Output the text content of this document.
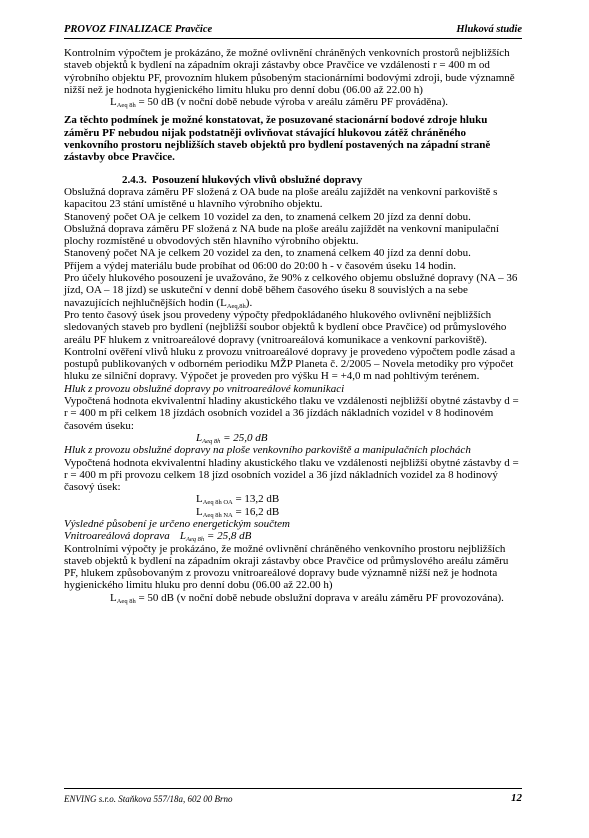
PROVOZ FINALIZACE Pravčice	Hluková studie

Kontrolním výpočtem je prokázáno, že možné ovlivnění chráněných venkovních prostorů nejbližších staveb objektů k bydlení na západním okraji zástavby obce Pravčice ve vzdálenosti r = 400 m od výrobního objektu PF, provozním hlukem působeným stacionárními bodovými zdroji, bude významně nižší než je hodnota hygienického limitu hluku pro denní dobu (06.00 až 22.00 h)

$L_{Aeq 8h} = 50$ dB (v noční době nebude výroba v areálu záměru PF prováděna).

Za těchto podmínek je možné konstatovat, že posuzované stacionární bodové zdroje hluku záměru PF nebudou nijak podstatněji ovlivňovat stávající hlukovou zátěž chráněného venkovního prostoru nejbližších staveb objektů pro bydlení postavených na západní straně zástavby obce Pravčice.

2.4.3. Posouzení hlukových vlivů obslužné dopravy

Obslužná doprava záměru PF složená z OA bude na ploše areálu zajíždět na venkovní parkoviště s kapacitou 23 stání umístěné u hlavního výrobního objektu.

Stanovený počet OA je celkem 10 vozidel za den, to znamená celkem 20 jízd za denní dobu.

Obslužná doprava záměru PF složená z NA bude na ploše areálu zajíždět na venkovní manipulační plochy rozmístěné u obvodových stěn hlavního výrobního objektu.

Stanovený počet NA je celkem 20 vozidel za den, to znamená celkem 40 jízd za denní dobu.

Příjem a výdej materiálu bude probíhat od 06:00 do 20:00 h - v časovém úseku 14 hodin.

Pro účely hlukového posouzení je uvažováno, že 90% z celkového objemu obslužné dopravy (NA – 36 jízd, OA – 18 jízd) se uskuteční v denní době během časového úseku 8 souvislých a na sebe navazujících nejhlučnějších hodin $(L_{Aeq,8h})$.

Pro tento časový úsek jsou provedeny výpočty předpokládaného hlukového ovlivnění nejbližších sledovaných staveb pro bydlení (nejbližší soubor objektů k bydlení obce Pravčice) od průmyslového areálu PF hlukem z vnitroareálové dopravy (vnitroareálová komunikace a venkovní parkoviště).

Kontrolní ověření vlivů hluku z provozu vnitroareálové dopravy je provedeno výpočtem podle zásad a postupů publikovaných v odborném periodiku MŽP Planeta č. 2/2005 – Novela metodiky pro výpočet hluku ze silniční dopravy. Výpočet je proveden pro výšku H = +4,0 m nad pohltivým terénem.

Hluk z provozu obslužné dopravy po vnitroareálové komunikaci

Vypočtená hodnota ekvivalentní hladiny akustického tlaku ve vzdálenosti nejbližší obytné zástavby d = r = 400 m při celkem 18 jízdách osobních vozidel a 36 jízdách nákladních vozidel v 8 hodinovém časovém úseku:

$L_{Aeq 8h} = 25,0$ dB

Hluk z provozu obslužné dopravy na ploše venkovního parkoviště a manipulačních plochách

Vypočtená hodnota ekvivalentní hladiny akustického tlaku ve vzdálenosti nejbližší obytné zástavby d = r = 400 m při provozu celkem 18 jízd osobních vozidel a 36 jízd nákladních vozidel za 8 hodinový časový úsek:

$L_{Aeq 8h OA} = 13,2$ dB

$L_{Aeq 8h NA} = 16,2$ dB

Výsledné působení je určeno energetickým součtem

Vnitroareálová doprava $L_{Aeq 8h} = 25,8$ dB

Kontrolními výpočty je prokázáno, že možné ovlivnění chráněného venkovního prostoru nejbližších staveb objektů k bydlení na západním okraji zástavby obce Pravčice od průmyslového areálu záměru PF, hlukem způsobovaným z provozu vnitroareálové dopravy bude významně nižší než je hodnota hygienického limitu hluku pro denní dobu (06.00 až 22.00 h)

$L_{Aeq 8h} = 50$ dB (v noční době nebude obslužní doprava v areálu záměru PF provozována).

ENVING s.r.o. Staňkova 557/18a, 602 00 Brno	12
